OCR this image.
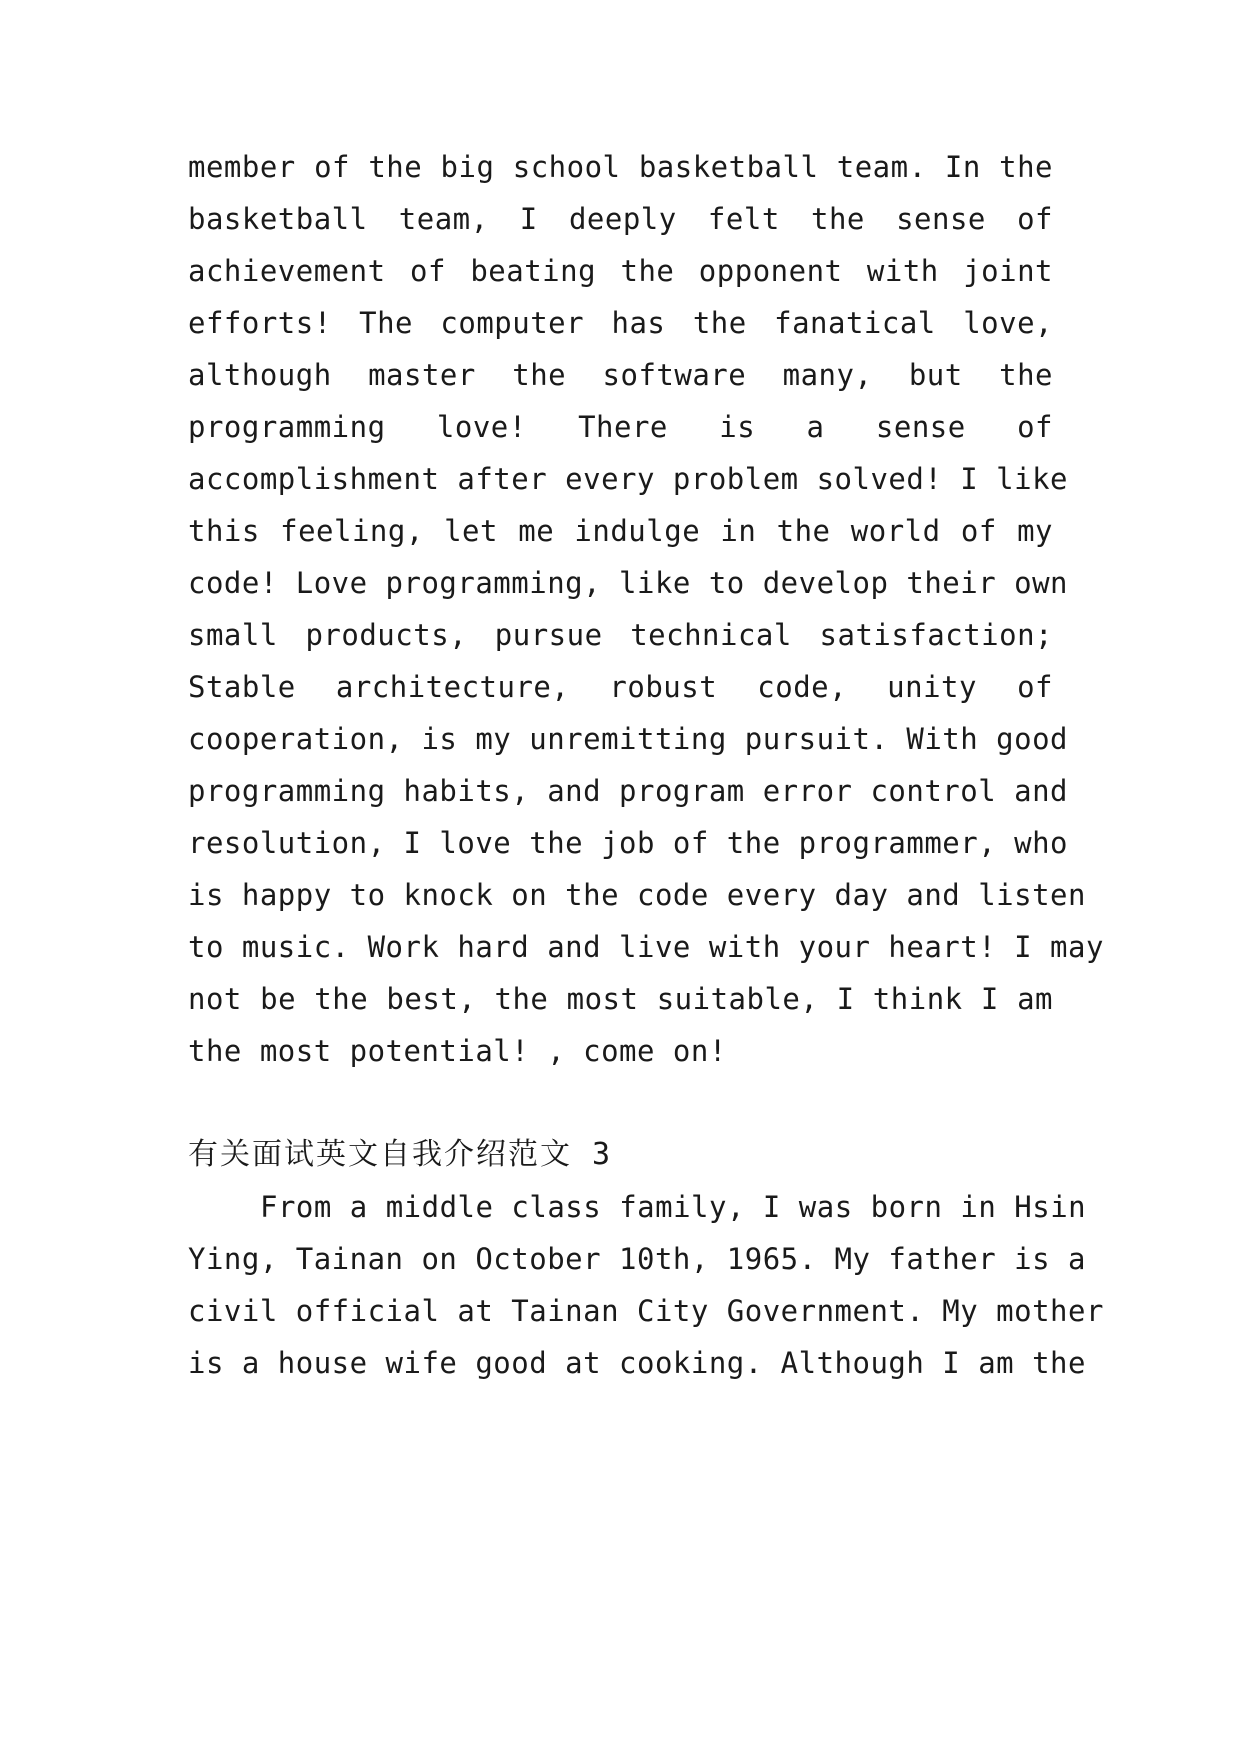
member of the big school basketball team. In the
basketball team, I deeply felt the sense of
achievement of beating the opponent with joint
efforts! The computer has the fanatical love,
although master the software many, but the
programming love! There is a sense of
accomplishment after every problem solved! I like
this feeling, let me indulge in the world of my
code! Love programming, like to develop their own
small products, pursue technical satisfaction;
Stable architecture, robust code, unity of
cooperation, is my unremitting pursuit. With good
programming habits, and program error control and
resolution, I love the job of the programmer, who
is happy to knock on the code every day and listen
to music. Work hard and live with your heart! I may
not be the best, the most suitable, I think I am
the most potential! , come on!
有关面试英文自我介绍范文 3
From a middle class family, I was born in Hsin
Ying, Tainan on October 10th, 1965. My father is a
civil official at Tainan City Government. My mother
is a house wife good at cooking. Although I am the
